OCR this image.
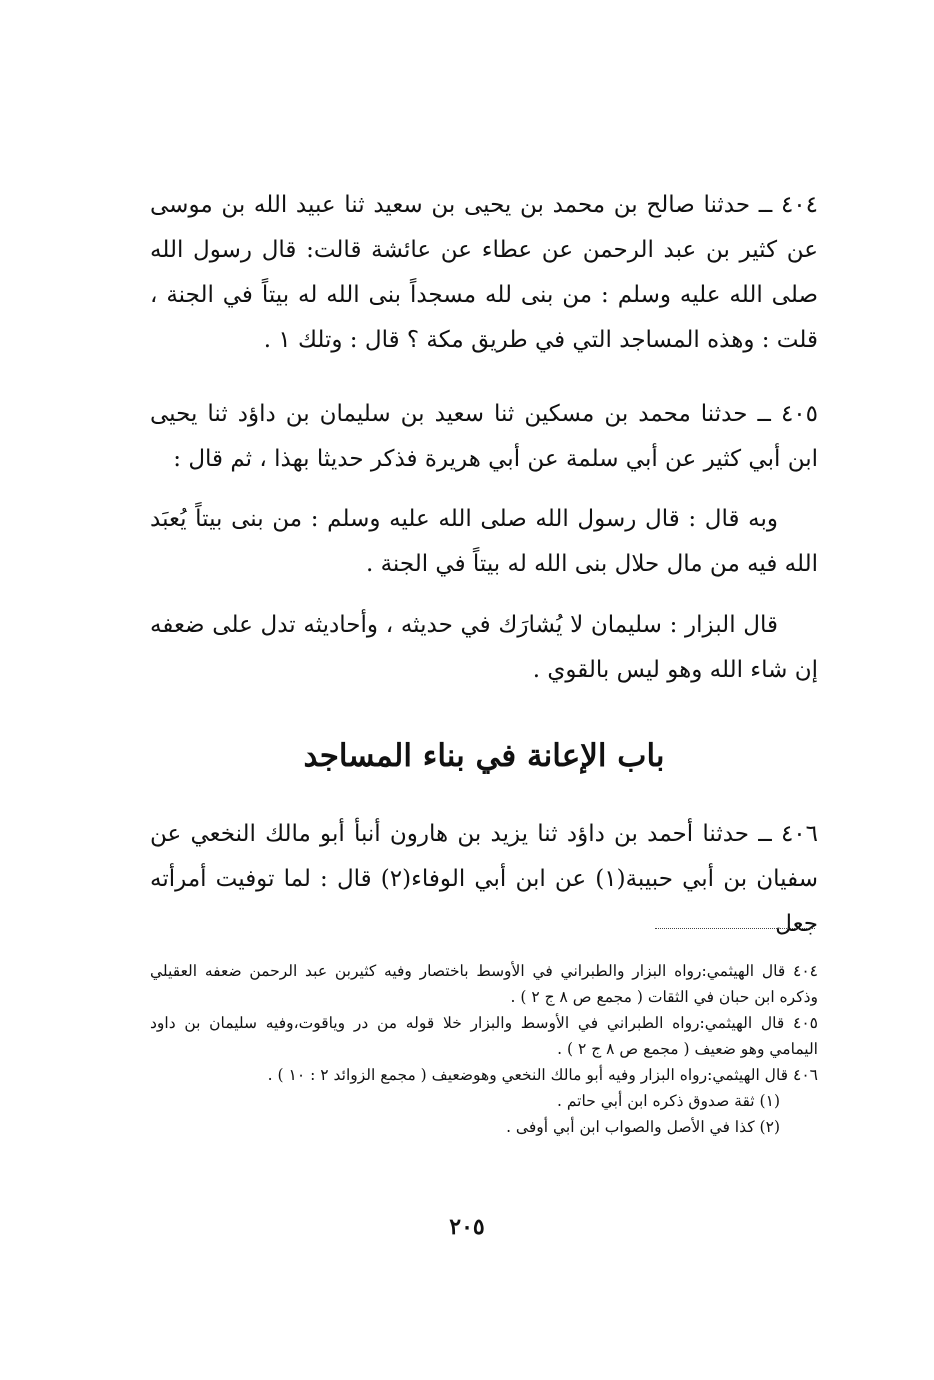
٤٠٤ ــ حدثنا صالح بن محمد بن يحيى بن سعيد ثنا عبيد الله بن موسى عن كثير بن عبد الرحمن عن عطاء عن عائشة قالت: قال رسول الله صلى الله عليه وسلم : من بنى لله مسجداً بنى الله له بيتاً في الجنة ، قلت : وهذه المساجد التي في طريق مكة ؟ قال : وتلك ١ .

٤٠٥ ــ حدثنا محمد بن مسكين ثنا سعيد بن سليمان بن داؤد ثنا يحيى ابن أبي كثير عن أبي سلمة عن أبي هريرة فذكر حديثا بهذا ، ثم قال :

وبه قال : قال رسول الله صلى الله عليه وسلم : من بنى بيتاً يُعبَد الله فيه من مال حلال بنى الله له بيتاً في الجنة .

قال البزار : سليمان لا يُشارَك في حديثه ، وأحاديثه تدل على ضعفه إن شاء الله وهو ليس بالقوي .

باب الإعانة في بناء المساجد

٤٠٦ ــ حدثنا أحمد بن داؤد ثنا يزيد بن هارون أنبأ أبو مالك النخعي عن سفيان بن أبي حبيبة(١) عن ابن أبي الوفاء(٢) قال : لما توفيت أمرأته جعل

٤٠٤ قال الهيثمي:رواه البزار والطبراني في الأوسط باختصار وفيه كثيربن عبد الرحمن ضعفه العقيلي وذكره ابن حبان في الثقات ( مجمع ص ٨ ج ٢ ) .

٤٠٥ قال الهيثمي:رواه الطبراني في الأوسط والبزار خلا قوله من در وياقوت،وفيه سليمان بن داود اليمامي وهو ضعيف ( مجمع ص ٨ ج ٢ ) .

٤٠٦ قال الهيثمي:رواه البزار وفيه أبو مالك النخعي وهوضعيف ( مجمع الزوائد ٢ : ١٠ ) .

(١) ثقة صدوق ذكره ابن أبي حاتم .

(٢) كذا في الأصل والصواب ابن أبي أوفى .

٢٠٥
